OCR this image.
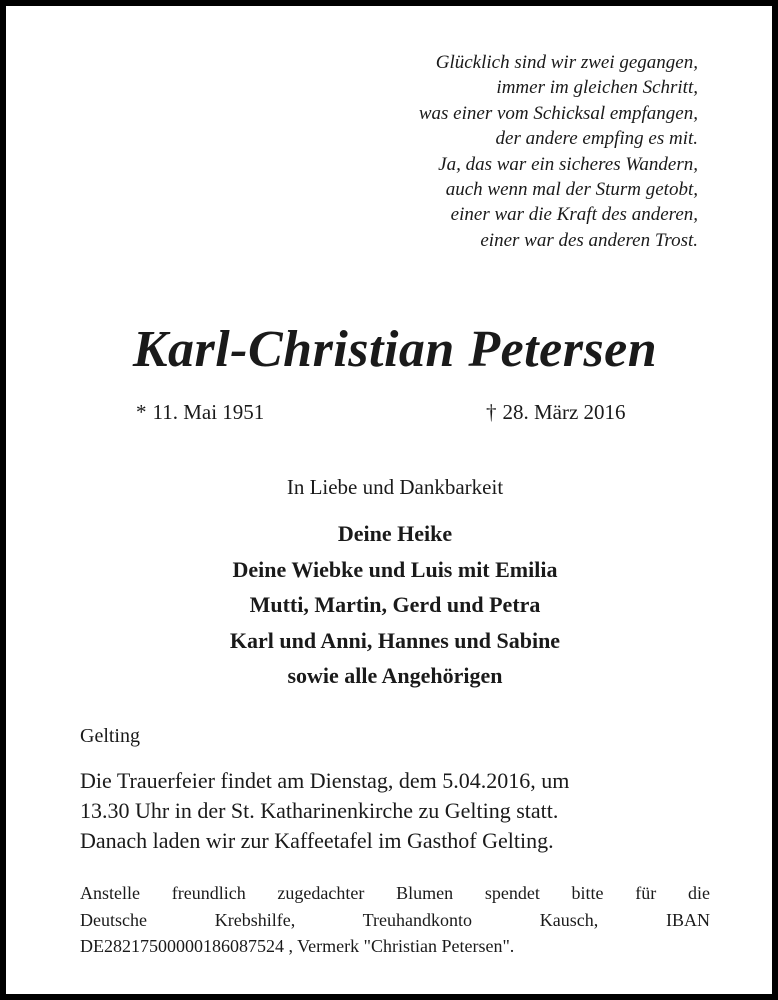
Glücklich sind wir zwei gegangen,
immer im gleichen Schritt,
was einer vom Schicksal empfangen,
der andere empfing es mit.
Ja, das war ein sicheres Wandern,
auch wenn mal der Sturm getobt,
einer war die Kraft des anderen,
einer war des anderen Trost.
Karl-Christian Petersen
* 11. Mai 1951	† 28. März 2016
In Liebe und Dankbarkeit
Deine Heike
Deine Wiebke und Luis mit Emilia
Mutti, Martin, Gerd und Petra
Karl und Anni, Hannes und Sabine
sowie alle Angehörigen
Gelting
Die Trauerfeier findet am Dienstag, dem 5.04.2016, um
13.30 Uhr in der St. Katharinenkirche zu Gelting statt.
Danach laden wir zur Kaffeetafel im Gasthof Gelting.
Anstelle freundlich zugedachter Blumen spendet bitte für die
Deutsche Krebshilfe, Treuhandkonto Kausch, IBAN
DE28217500000186087524 , Vermerk "Christian Petersen".
